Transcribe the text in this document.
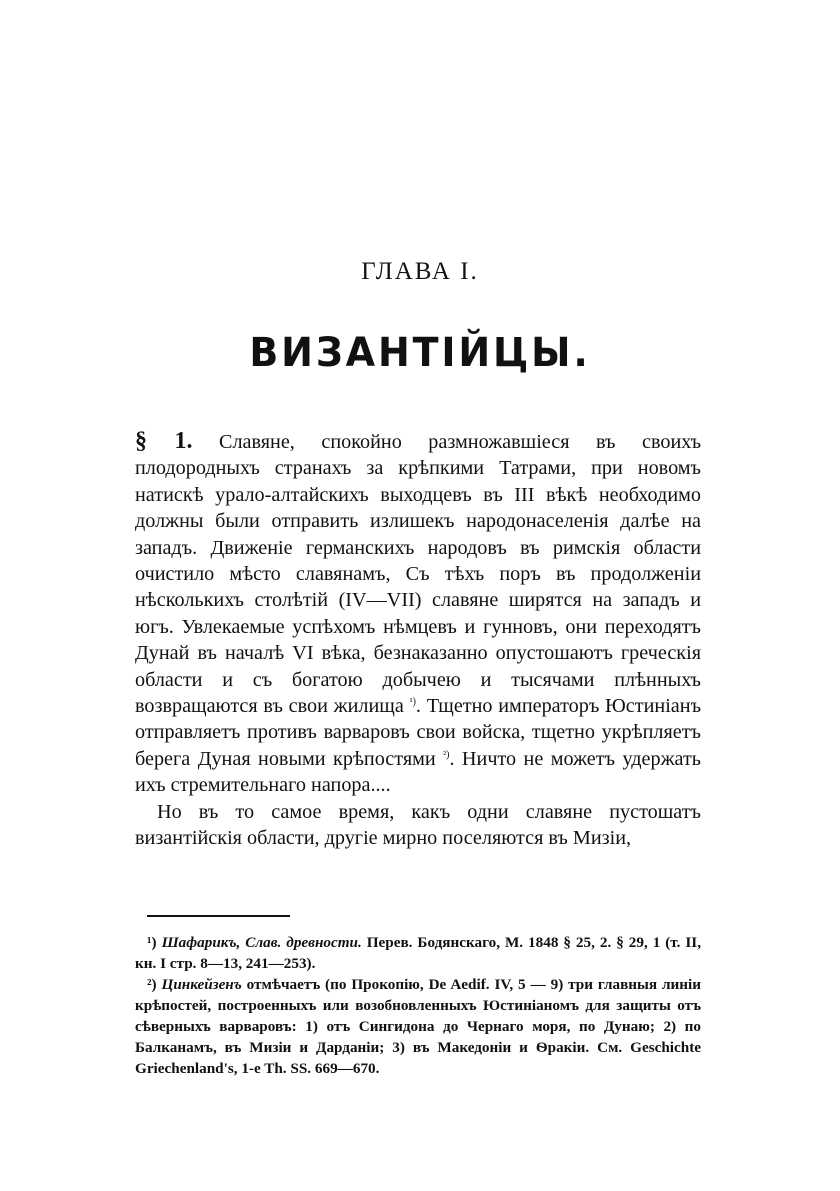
ГЛАВА I.
ВИЗАНТІЙЦЫ.

§ 1. Славяне, спокойно размножавшіеся въ своихъ плодородныхъ странахъ за крѣпкими Татрами, при новомъ натискѣ урало-алтайскихъ выходцевъ въ III вѣкѣ необходимо должны были отправить излишекъ народонаселенія далѣе на западъ. Движеніе германскихъ народовъ въ римскія области очистило мѣсто славянамъ, Съ тѣхъ поръ въ продолженіи нѣсколькихъ столѣтій (IV—VII) славяне ширятся на западъ и югъ. Увлекаемые успѣхомъ нѣмцевъ и гунновъ, они переходятъ Дунай въ началѣ VI вѣка, безнаказанно опустошаютъ греческія области и съ богатою добычею и тысячами плѣнныхъ возвращаются въ свои жилища $^{^1)}$. Тщетно императоръ Юстиніанъ отправляетъ противъ варваровъ свои войска, тщетно укрѣпляетъ берега Дуная новыми крѣпостями $^{^2)}$. Ничто не можетъ удержать ихъ стремительнаго напора....

Но въ то самое время, какъ одни славяне пустошатъ византійскія области, другіе мирно поселяются въ Мизіи,

¹) Шафарикъ, Слав. древности. Перев. Бодянскаго, М. 1848 § 25, 2. § 29, 1 (т. II, кн. I стр. 8—13, 241—253).

²) Цинкейзенъ отмѣчаетъ (по Прокопію, De Aedif. IV, 5 — 9) три главныя линіи крѣпостей, построенныхъ или возобновленныхъ Юстиніаномъ для защиты отъ сѣверныхъ варваровъ: 1) отъ Сингидона до Чернаго моря, по Дунаю; 2) по Балканамъ, въ Мизіи и Дарданіи; 3) въ Македоніи и Ѳракіи. См. Geschichte Griechenland's, 1-e Th. SS. 669—670.
